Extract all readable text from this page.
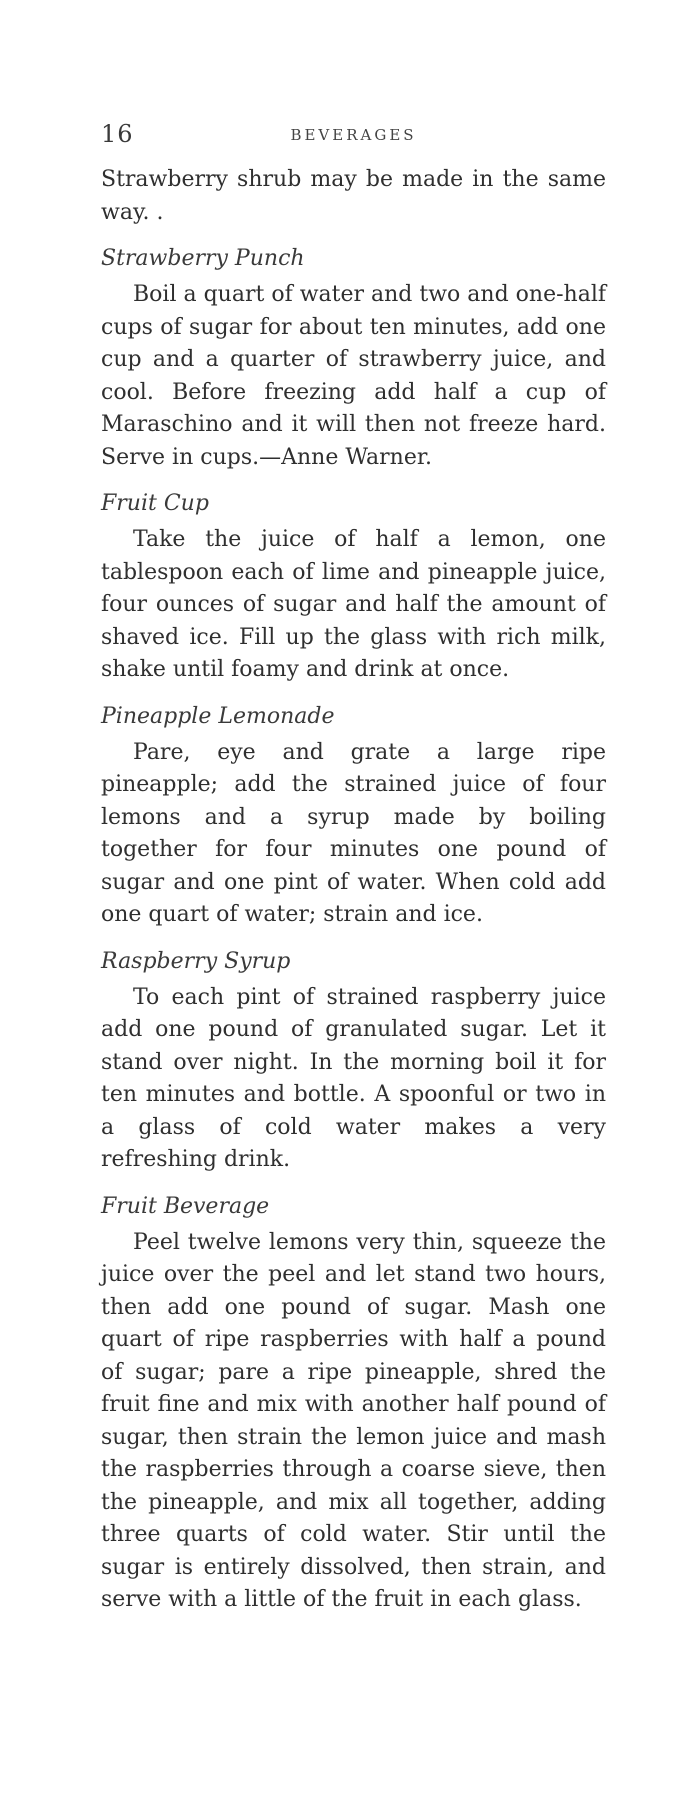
16	BEVERAGES

Strawberry shrub may be made in the same way. .

Strawberry Punch

Boil a quart of water and two and one-half cups of sugar for about ten minutes, add one cup and a quarter of strawberry juice, and cool. Before freezing add half a cup of Maraschino and it will then not freeze hard. Serve in cups.—Anne Warner.

Fruit Cup

Take the juice of half a lemon, one tablespoon each of lime and pineapple juice, four ounces of sugar and half the amount of shaved ice. Fill up the glass with rich milk, shake until foamy and drink at once.

Pineapple Lemonade

Pare, eye and grate a large ripe pineapple; add the strained juice of four lemons and a syrup made by boiling together for four minutes one pound of sugar and one pint of water. When cold add one quart of water; strain and ice.

Raspberry Syrup

To each pint of strained raspberry juice add one pound of granulated sugar. Let it stand over night. In the morning boil it for ten minutes and bottle. A spoonful or two in a glass of cold water makes a very refreshing drink.

Fruit Beverage

Peel twelve lemons very thin, squeeze the juice over the peel and let stand two hours, then add one pound of sugar. Mash one quart of ripe raspberries with half a pound of sugar; pare a ripe pineapple, shred the fruit fine and mix with another half pound of sugar, then strain the lemon juice and mash the raspberries through a coarse sieve, then the pineapple, and mix all together, adding three quarts of cold water. Stir until the sugar is entirely dissolved, then strain, and serve with a little of the fruit in each glass.
